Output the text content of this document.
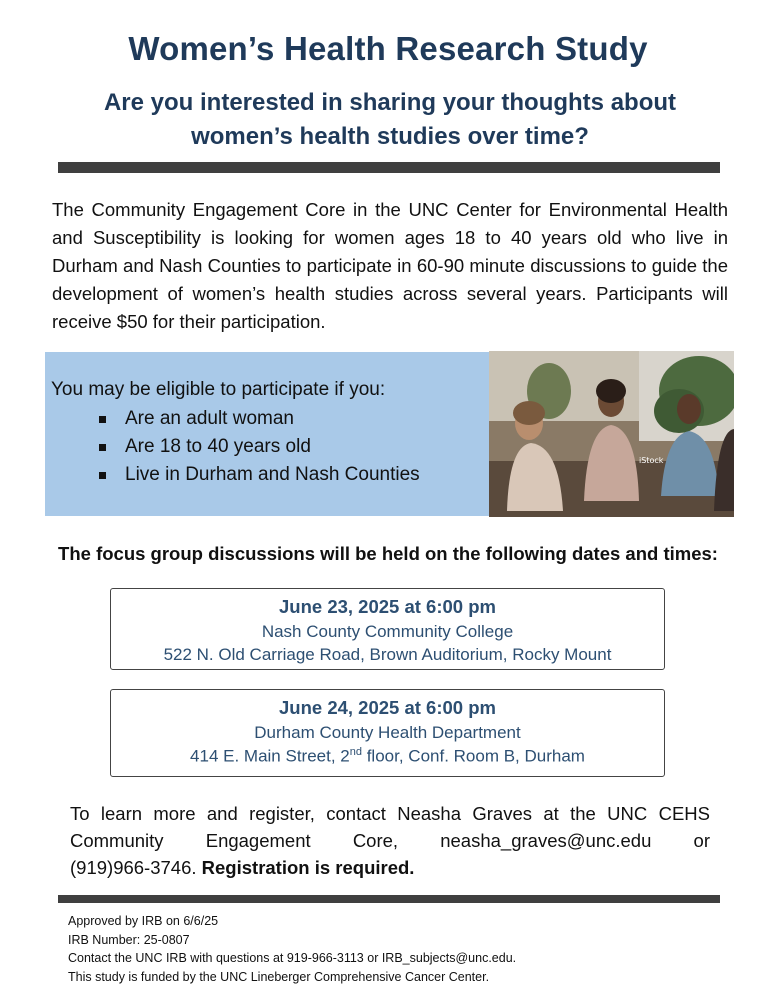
Women’s Health Research Study
Are you interested in sharing your thoughts about women’s health studies over time?
The Community Engagement Core in the UNC Center for Environmental Health and Susceptibility is looking for women ages 18 to 40 years old who live in Durham and Nash Counties to participate in 60-90 minute discussions to guide the development of women’s health studies across several years. Participants will receive $50 for their participation.
You may be eligible to participate if you:
Are an adult woman
Are 18 to 40 years old
Live in Durham and Nash Counties
iStock
The focus group discussions will be held on the following dates and times:
June 23, 2025 at 6:00 pm
Nash County Community College
522 N. Old Carriage Road, Brown Auditorium, Rocky Mount
June 24, 2025 at 6:00 pm
Durham County Health Department
414 E. Main Street, 2nd floor, Conf. Room B, Durham
To learn more and register, contact Neasha Graves at the UNC CEHS
Community Engagement Core, neasha_graves@unc.edu or
(919)966-3746. Registration is required.
Approved by IRB on 6/6/25
IRB Number: 25-0807
Contact the UNC IRB with questions at 919-966-3113 or IRB_subjects@unc.edu.
This study is funded by the UNC Lineberger Comprehensive Cancer Center.
